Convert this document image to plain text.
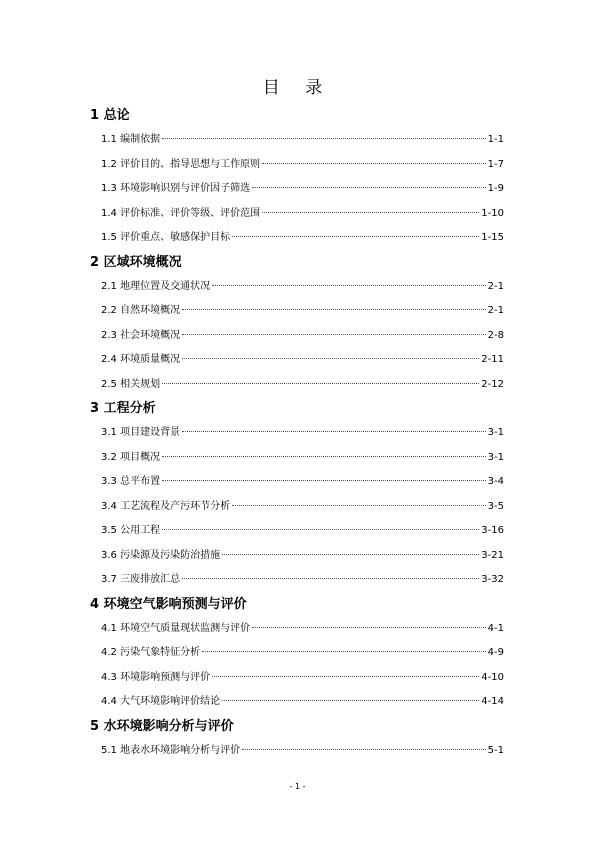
目 录
1 总论
1.1 编制依据	1-1
1.2 评价目的、指导思想与工作原则	1-7
1.3 环境影响识别与评价因子筛选	1-9
1.4 评价标准、评价等级、评价范围	1-10
1.5 评价重点、敏感保护目标	1-15
2 区域环境概况
2.1 地理位置及交通状况	2-1
2.2 自然环境概况	2-1
2.3 社会环境概况	2-8
2.4 环境质量概况	2-11
2.5 相关规划	2-12
3 工程分析
3.1 项目建设背景	3-1
3.2 项目概况	3-1
3.3 总平布置	3-4
3.4 工艺流程及产污环节分析	3-5
3.5 公用工程	3-16
3.6 污染源及污染防治措施	3-21
3.7 三废排放汇总	3-32
4 环境空气影响预测与评价
4.1 环境空气质量现状监测与评价	4-1
4.2 污染气象特征分析	4-9
4.3 环境影响预测与评价	4-10
4.4 大气环境影响评价结论	4-14
5 水环境影响分析与评价
5.1 地表水环境影响分析与评价	5-1
- 1 -
